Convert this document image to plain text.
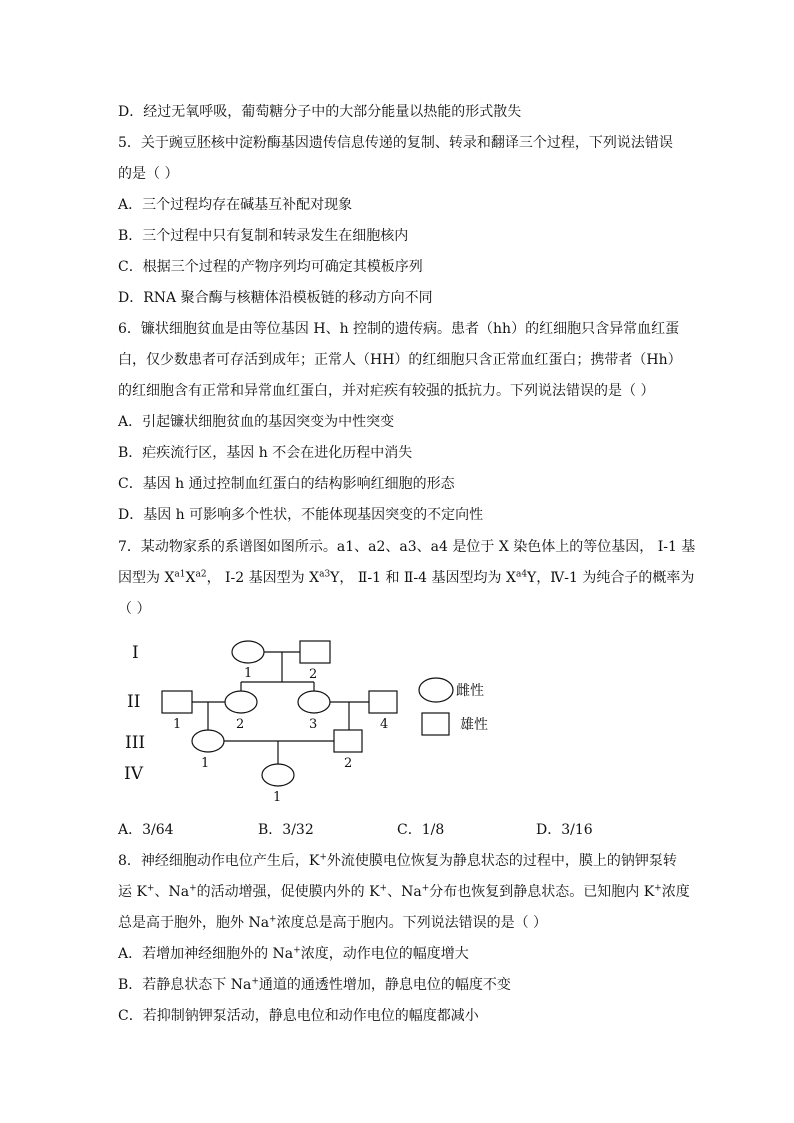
D．经过无氧呼吸，葡萄糖分子中的大部分能量以热能的形式散失
5．关于豌豆胚核中淀粉酶基因遗传信息传递的复制、转录和翻译三个过程，下列说法错误
的是（ ）
A．三个过程均存在碱基互补配对现象
B．三个过程中只有复制和转录发生在细胞核内
C．根据三个过程的产物序列均可确定其模板序列
D．RNA 聚合酶与核糖体沿模板链的移动方向不同
6．镰状细胞贫血是由等位基因 H、h 控制的遗传病。患者（hh）的红细胞只含异常血红蛋
白，仅少数患者可存活到成年；正常人（HH）的红细胞只含正常血红蛋白；携带者（Hh）
的红细胞含有正常和异常血红蛋白，并对疟疾有较强的抵抗力。下列说法错误的是（ ）
A．引起镰状细胞贫血的基因突变为中性突变
B．疟疾流行区，基因 h 不会在进化历程中消失
C．基因 h 通过控制血红蛋白的结构影响红细胞的形态
D．基因 h 可影响多个性状，不能体现基因突变的不定向性
7．某动物家系的系谱图如图所示。a1、a2、a3、a4 是位于 X 染色体上的等位基因， Ⅰ-1 基
因型为 $X^{a1}X^{a2}$， Ⅰ-2 基因型为 $X^{a3}Y$， Ⅱ-1 和 Ⅱ-4 基因型均为 $X^{a4}Y$，Ⅳ-1 为纯合子的概率为
（ ）
I
II
III
IV
1	2
1	2	3	4
1	2
1
雌性
雄性
A．3/64	B．3/32	C．1/8	D．3/16
8．神经细胞动作电位产生后，K+外流使膜电位恢复为静息状态的过程中，膜上的钠钾泵转
运 K+、Na+的活动增强，促使膜内外的 K+、Na+分布也恢复到静息状态。已知胞内 K+浓度
总是高于胞外，胞外 Na+浓度总是高于胞内。下列说法错误的是（ ）
A．若增加神经细胞外的 Na+浓度，动作电位的幅度增大
B．若静息状态下 Na+通道的通透性增加，静息电位的幅度不变
C．若抑制钠钾泵活动，静息电位和动作电位的幅度都减小
